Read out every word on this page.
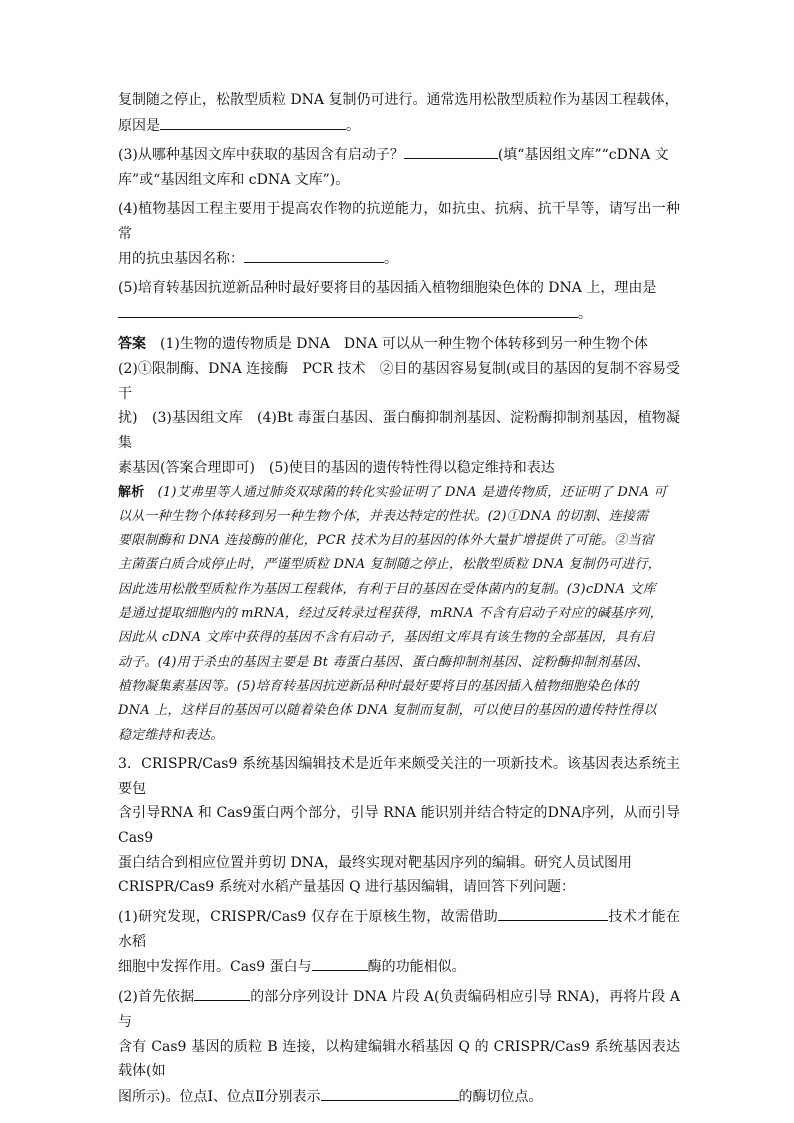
复制随之停止，松散型质粒 DNA 复制仍可进行。通常选用松散型质粒作为基因工程载体，

原因是	。

(3)从哪种基因文库中获取的基因含有启动子？	(填“基因组文库”“cDNA 文

库”或“基因组文库和 cDNA 文库”)。

(4)植物基因工程主要用于提高农作物的抗逆能力，如抗虫、抗病、抗干旱等，请写出一种常

用的抗虫基因名称：	。

(5)培育转基因抗逆新品种时最好要将目的基因插入植物细胞染色体的 DNA 上，理由是

。

答案　 (1)生物的遗传物质是 DNA　DNA 可以从一种生物个体转移到另一种生物个体

(2)①限制酶、DNA 连接酶　PCR 技术　②目的基因容易复制(或目的基因的复制不容易受干

扰)　(3)基因组文库　(4)Bt 毒蛋白基因、蛋白酶抑制剂基因、淀粉酶抑制剂基因，植物凝集

素基因(答案合理即可)　(5)使目的基因的遗传特性得以稳定维持和表达

解析　 (1)艾弗里等人通过肺炎双球菌的转化实验证明了 DNA 是遗传物质，还证明了 DNA 可

以从一种生物个体转移到另一种生物个体，并表达特定的性状。(2)①DNA 的切割、连接需

要限制酶和 DNA 连接酶的催化，PCR 技术为目的基因的体外大量扩增提供了可能。②当宿

主菌蛋白质合成停止时，严谨型质粒 DNA 复制随之停止，松散型质粒 DNA 复制仍可进行，

因此选用松散型质粒作为基因工程载体，有利于目的基因在受体菌内的复制。(3)cDNA 文库

是通过提取细胞内的 mRNA，经过反转录过程获得，mRNA 不含有启动子对应的碱基序列，

因此从 cDNA 文库中获得的基因不含有启动子，基因组文库具有该生物的全部基因，具有启

动子。(4)用于杀虫的基因主要是 Bt 毒蛋白基因、蛋白酶抑制剂基因、淀粉酶抑制剂基因、

植物凝集素基因等。(5)培育转基因抗逆新品种时最好要将目的基因插入植物细胞染色体的

DNA 上，这样目的基因可以随着染色体 DNA 复制而复制，可以使目的基因的遗传特性得以

稳定维持和表达。

3．CRISPR/Cas9 系统基因编辑技术是近年来颇受关注的一项新技术。该基因表达系统主要包

含引导RNA 和 Cas9蛋白两个部分，引导 RNA 能识别并结合特定的DNA序列，从而引导 Cas9

蛋白结合到相应位置并剪切 DNA，最终实现对靶基因序列的编辑。研究人员试图用

CRISPR/Cas9 系统对水稻产量基因 Q 进行基因编辑，请回答下列问题：

(1)研究发现，CRISPR/Cas9 仅存在于原核生物，故需借助	技术才能在水稻

细胞中发挥作用。Cas9 蛋白与	酶的功能相似。

(2)首先依据	的部分序列设计 DNA 片段 A(负责编码相应引导 RNA)，再将片段 A 与

含有 Cas9 基因的质粒 B 连接，以构建编辑水稻基因 Q 的 CRISPR/Cas9 系统基因表达载体(如

图所示)。位点Ⅰ、位点Ⅱ分别表示	的酶切位点。
